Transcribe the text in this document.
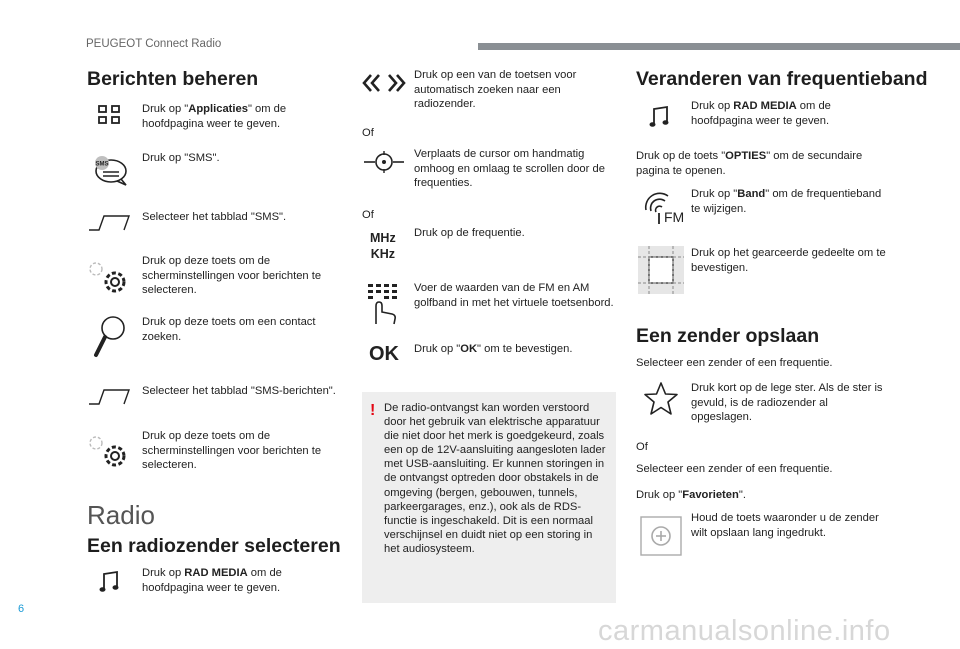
PEUGEOT Connect Radio
Berichten beheren
Druk op "Applicaties" om de hoofdpagina weer te geven.
SMS
Druk op "SMS".
Selecteer het tabblad "SMS".
Druk op deze toets om de scherminstellingen voor berichten te selecteren.
Druk op deze toets om een contact zoeken.
Selecteer het tabblad "SMS-berichten".
Druk op deze toets om de scherminstellingen voor berichten te selecteren.
Radio
Een radiozender selecteren
Druk op RAD MEDIA om de hoofdpagina weer te geven.
Druk op een van de toetsen voor automatisch zoeken naar een radiozender.
Of
Verplaats de cursor om handmatig omhoog en omlaag te scrollen door de frequenties.
Of
MHz
KHz
Druk op de frequentie.
Voer de waarden van de FM en AM golfband in met het virtuele toetsenbord.
OK Druk op "OK" om te bevestigen.
! De radio-ontvangst kan worden verstoord door het gebruik van elektrische apparatuur die niet door het merk is goedgekeurd, zoals een op de 12V-aansluiting aangesloten lader met USB-aansluiting. Er kunnen storingen in de ontvangst optreden door obstakels in de omgeving (bergen, gebouwen, tunnels, parkeergarages, enz.), ook als de RDS-functie is ingeschakeld. Dit is een normaal verschijnsel en duidt niet op een storing in het audiosysteem.
Veranderen van frequentieband
Druk op RAD MEDIA om de hoofdpagina weer te geven.
Druk op de toets "OPTIES" om de secundaire pagina te openen.
FM
Druk op "Band" om de frequentieband te wijzigen.
Druk op het gearceerde gedeelte om te bevestigen.
Een zender opslaan
Selecteer een zender of een frequentie.
Druk kort op de lege ster. Als de ster is gevuld, is de radiozender al opgeslagen.
Of
Selecteer een zender of een frequentie.
Druk op "Favorieten".
Houd de toets waaronder u de zender wilt opslaan lang ingedrukt.
6
carmanualsonline.info
